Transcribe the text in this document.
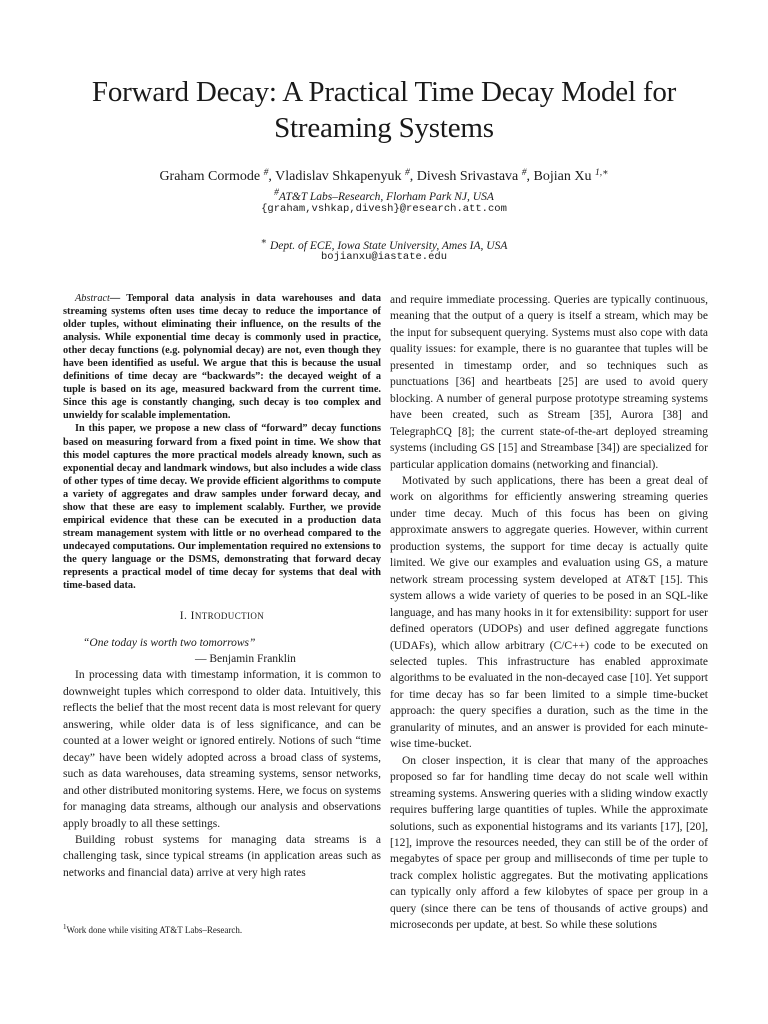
Forward Decay: A Practical Time Decay Model for
Streaming Systems
Graham Cormode #, Vladislav Shkapenyuk #, Divesh Srivastava #, Bojian Xu $^{1,∗}$
#AT&T Labs–Research, Florham Park NJ, USA
{graham,vshkap,divesh}@research.att.com
∗ Dept. of ECE, Iowa State University, Ames IA, USA
bojianxu@iastate.edu

Abstract— Temporal data analysis in data warehouses and data streaming systems often uses time decay to reduce the importance of older tuples, without eliminating their influence, on the results of the analysis. While exponential time decay is commonly used in practice, other decay functions (e.g. polynomial decay) are not, even though they have been identified as useful. We argue that this is because the usual definitions of time decay are “backwards”: the decayed weight of a tuple is based on its age, measured backward from the current time. Since this age is constantly changing, such decay is too complex and unwieldy for scalable implementation.

In this paper, we propose a new class of “forward” decay functions based on measuring forward from a fixed point in time. We show that this model captures the more practical models already known, such as exponential decay and landmark windows, but also includes a wide class of other types of time decay. We provide efficient algorithms to compute a variety of aggregates and draw samples under forward decay, and show that these are easy to implement scalably. Further, we provide empirical evidence that these can be executed in a production data stream management system with little or no overhead compared to the undecayed computations. Our implementation required no extensions to the query language or the DSMS, demonstrating that forward decay represents a practical model of time decay for systems that deal with time-based data.

I. INTRODUCTION
“One today is worth two tomorrows”
— Benjamin Franklin

In processing data with timestamp information, it is common to downweight tuples which correspond to older data. Intuitively, this reflects the belief that the most recent data is most relevant for query answering, while older data is of less significance, and can be counted at a lower weight or ignored entirely. Notions of such “time decay” have been widely adopted across a broad class of systems, such as data warehouses, data streaming systems, sensor networks, and other distributed monitoring systems. Here, we focus on systems for managing data streams, although our analysis and observations apply broadly to all these settings.

Building robust systems for managing data streams is a challenging task, since typical streams (in application areas such as networks and financial data) arrive at very high rates

$^1$Work done while visiting AT&T Labs–Research.

and require immediate processing. Queries are typically continuous, meaning that the output of a query is itself a stream, which may be the input for subsequent querying. Systems must also cope with data quality issues: for example, there is no guarantee that tuples will be presented in timestamp order, and so techniques such as punctuations [36] and heartbeats [25] are used to avoid query blocking. A number of general purpose prototype streaming systems have been created, such as Stream [35], Aurora [38] and TelegraphCQ [8]; the current state-of-the-art deployed streaming systems (including GS [15] and Streambase [34]) are specialized for particular application domains (networking and financial).

Motivated by such applications, there has been a great deal of work on algorithms for efficiently answering streaming queries under time decay. Much of this focus has been on giving approximate answers to aggregate queries. However, within current production systems, the support for time decay is actually quite limited. We give our examples and evaluation using GS, a mature network stream processing system developed at AT&T [15]. This system allows a wide variety of queries to be posed in an SQL-like language, and has many hooks in it for extensibility: support for user defined operators (UDOPs) and user defined aggregate functions (UDAFs), which allow arbitrary (C/C++) code to be executed on selected tuples. This infrastructure has enabled approximate algorithms to be evaluated in the non-decayed case [10]. Yet support for time decay has so far been limited to a simple time-bucket approach: the query specifies a duration, such as the time in the granularity of minutes, and an answer is provided for each minute-wise time-bucket.

On closer inspection, it is clear that many of the approaches proposed so far for handling time decay do not scale well within streaming systems. Answering queries with a sliding window exactly requires buffering large quantities of tuples. While the approximate solutions, such as exponential histograms and its variants [17], [20], [12], improve the resources needed, they can still be of the order of megabytes of space per group and milliseconds of time per tuple to track complex holistic aggregates. But the motivating applications can typically only afford a few kilobytes of space per group in a query (since there can be tens of thousands of active groups) and microseconds per update, at best. So while these solutions
